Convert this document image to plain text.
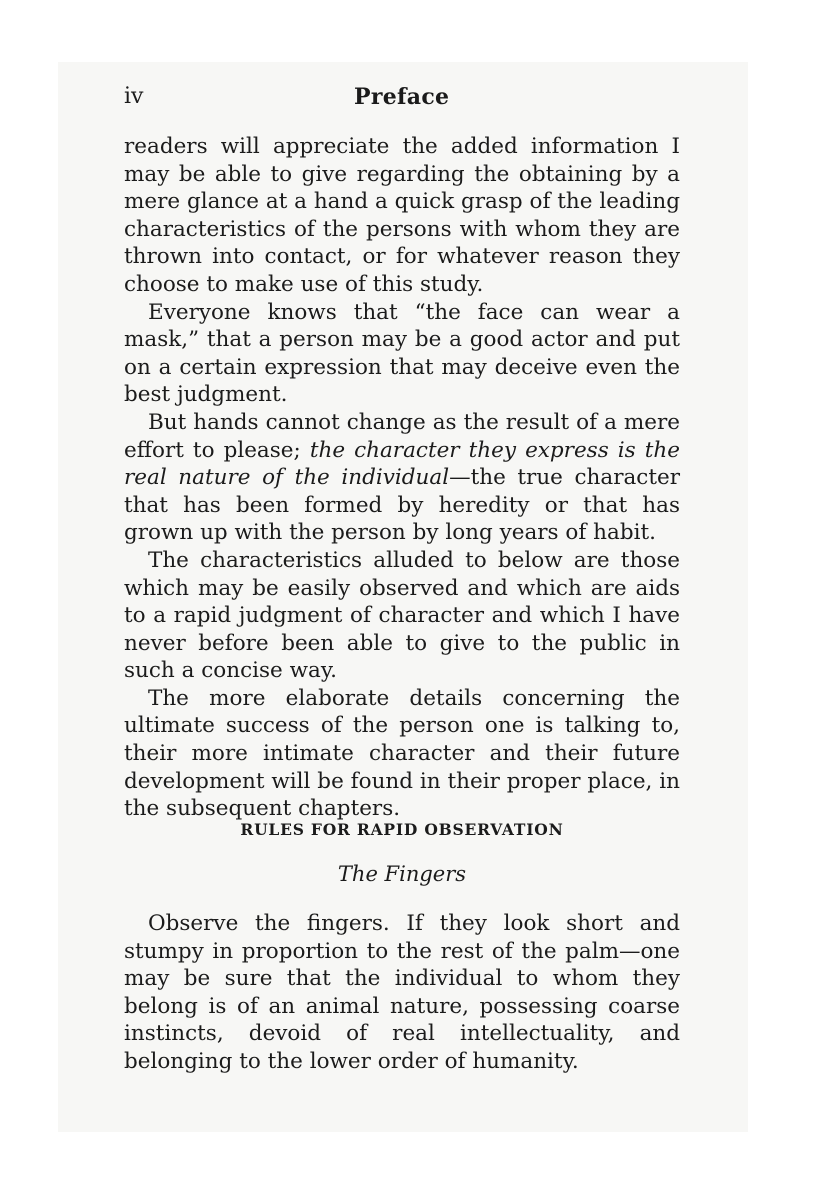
iv	Preface

readers will appreciate the added information I may be able to give regarding the obtaining by a mere glance at a hand a quick grasp of the leading characteristics of the persons with whom they are thrown into contact, or for whatever reason they choose to make use of this study.

Everyone knows that “the face can wear a mask,” that a person may be a good actor and put on a certain expression that may deceive even the best judgment.

But hands cannot change as the result of a mere effort to please; the character they express is the real nature of the individual—the true character that has been formed by heredity or that has grown up with the person by long years of habit.

The characteristics alluded to below are those which may be easily observed and which are aids to a rapid judgment of character and which I have never before been able to give to the public in such a concise way.

The more elaborate details concerning the ultimate success of the person one is talking to, their more intimate character and their future development will be found in their proper place, in the subsequent chapters.

RULES FOR RAPID OBSERVATION
The Fingers

Observe the fingers. If they look short and stumpy in proportion to the rest of the palm—one may be sure that the individual to whom they belong is of an animal nature, possessing coarse instincts, devoid of real intellectuality, and belonging to the lower order of humanity.
